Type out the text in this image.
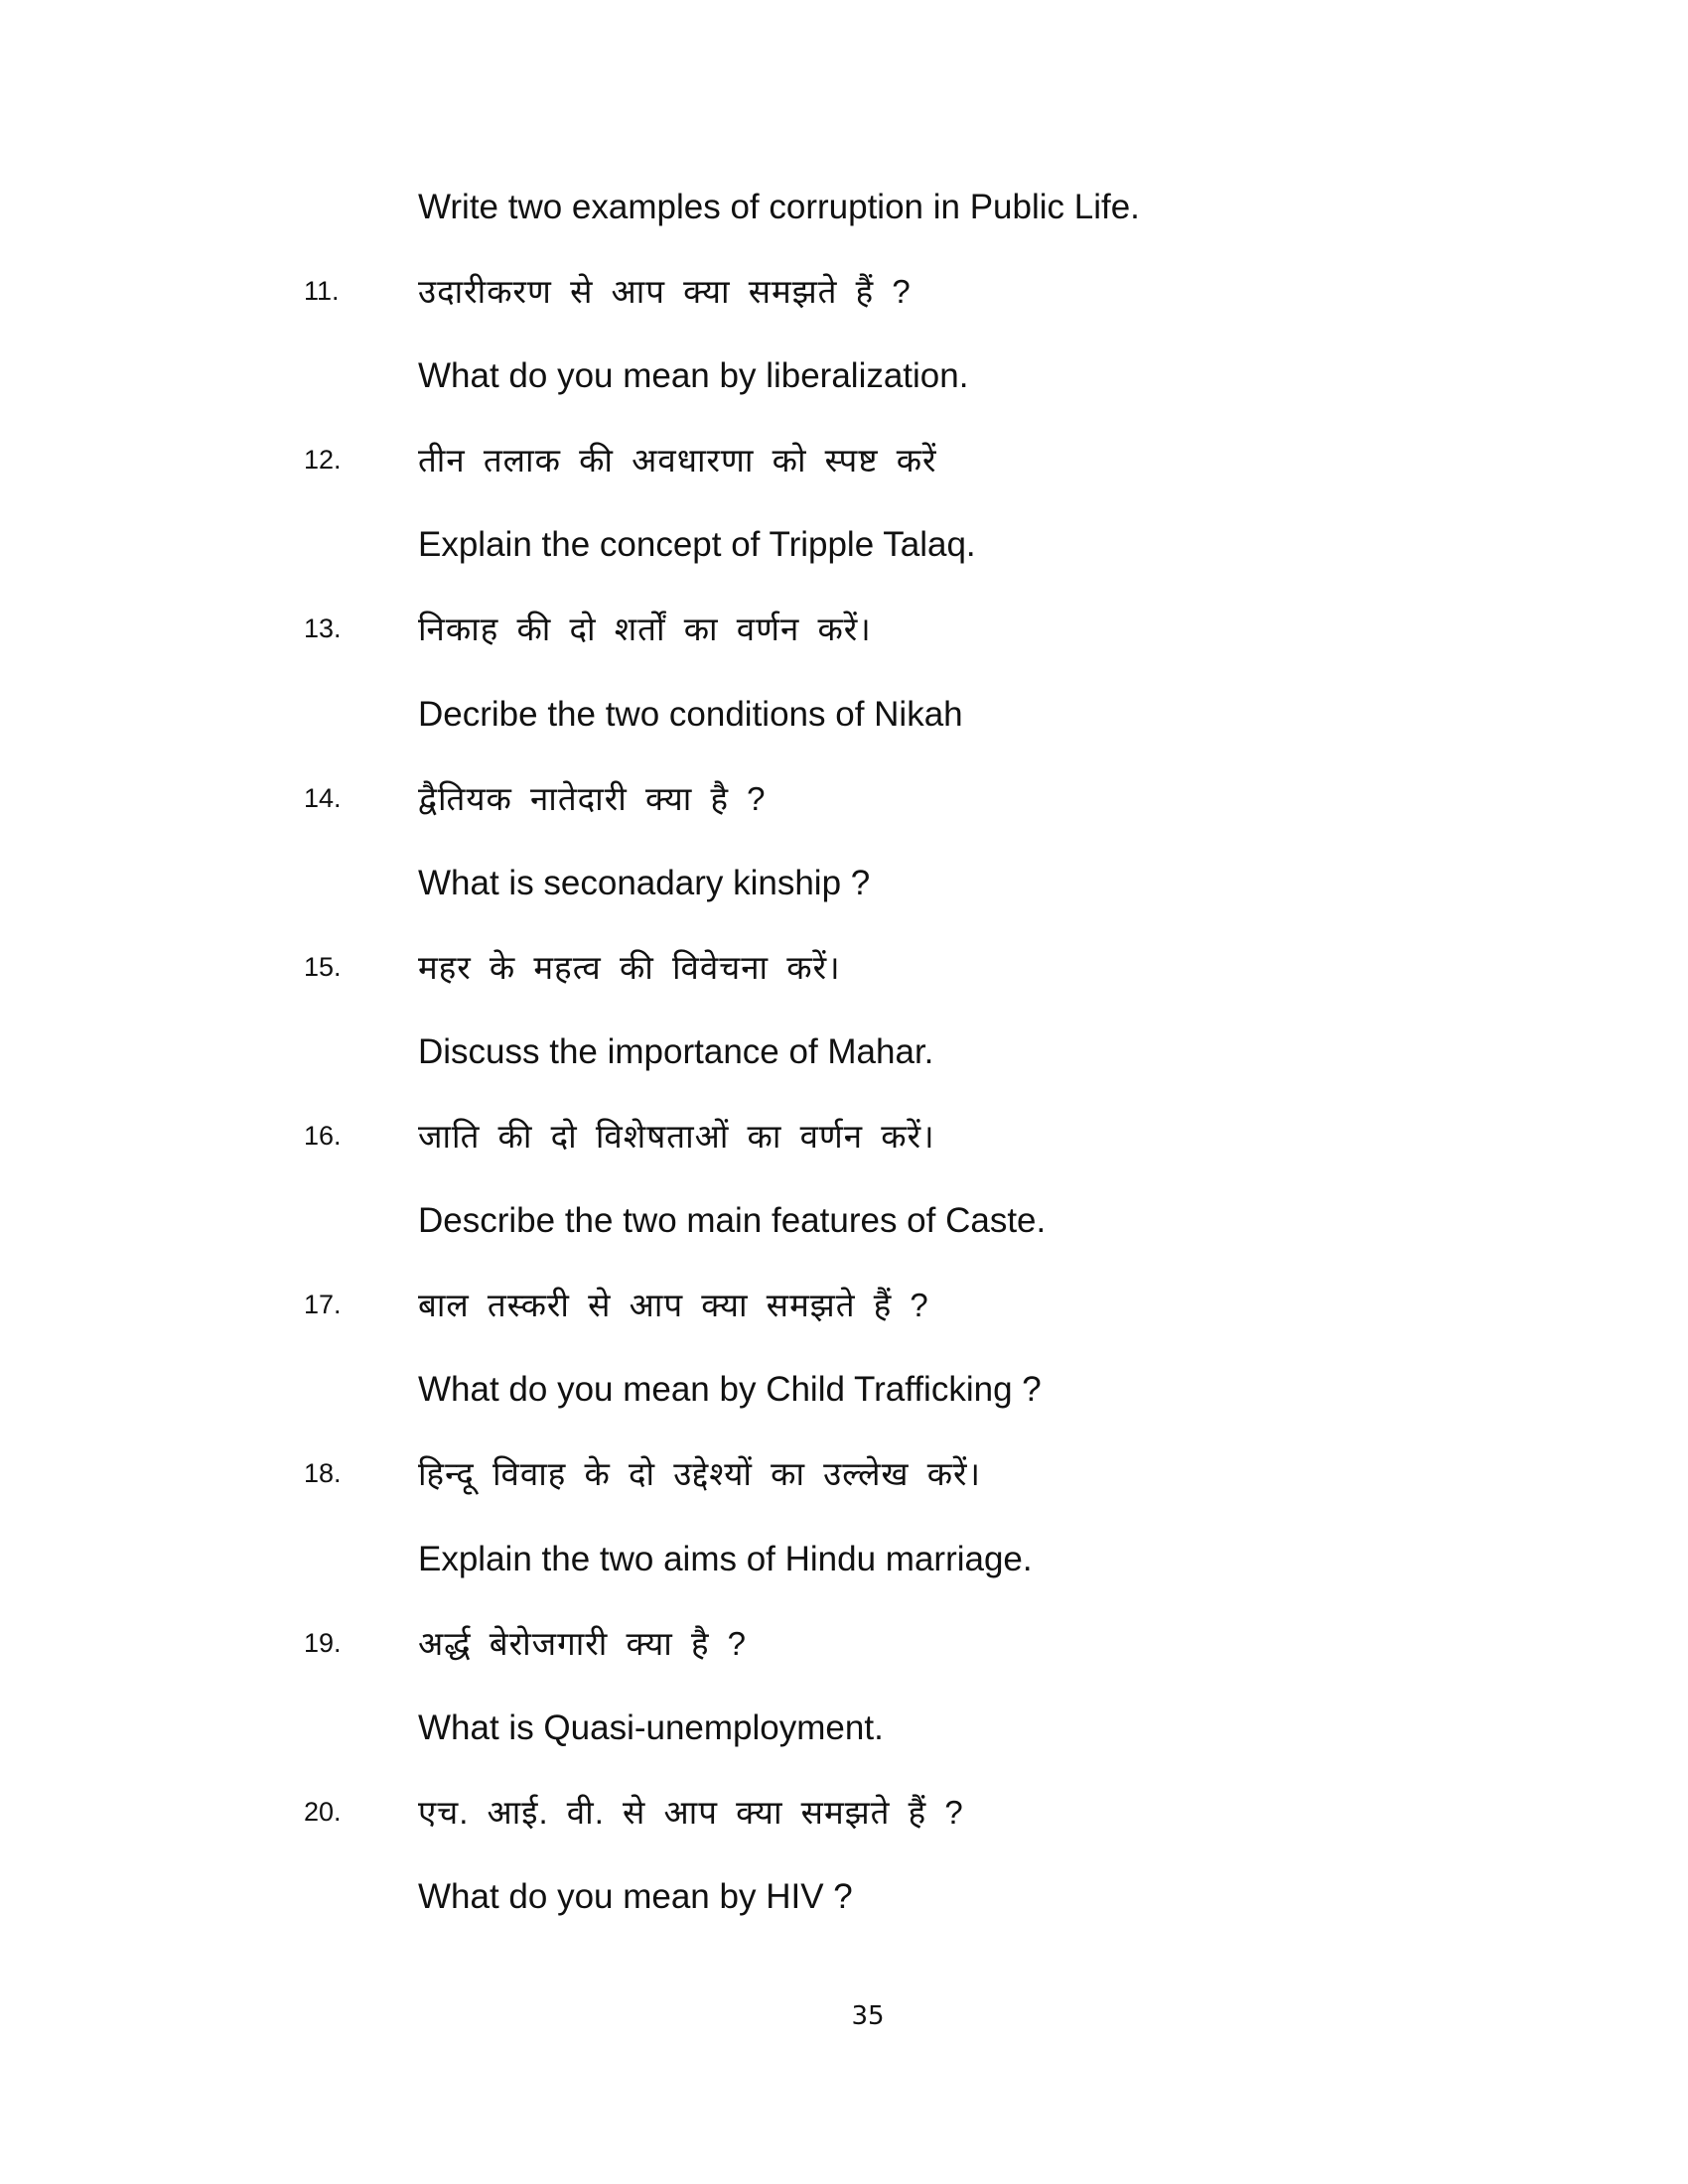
Write two examples of corruption in Public Life.
11. उदारीकरण से आप क्या समझते हैं ?
What do you mean by liberalization.
12. तीन तलाक की अवधारणा को स्पष्ट करें
Explain the concept of Tripple Talaq.
13. निकाह की दो शर्तों का वर्णन करें।
Decribe the two conditions of Nikah
14. द्वैतियक नातेदारी क्या है ?
What is seconadary kinship ?
15. महर के महत्व की विवेचना करें।
Discuss the importance of Mahar.
16. जाति की दो विशेषताओं का वर्णन करें।
Describe the two main features of Caste.
17. बाल तस्करी से आप क्या समझते हैं ?
What do you mean by Child Trafficking ?
18. हिन्दू विवाह के दो उद्देश्यों का उल्लेख करें।
Explain the two aims of Hindu marriage.
19. अर्द्ध बेरोजगारी क्या है ?
What is Quasi-unemployment.
20. एच. आई. वी. से आप क्या समझते हैं ?
What do you mean by HIV ?
35
